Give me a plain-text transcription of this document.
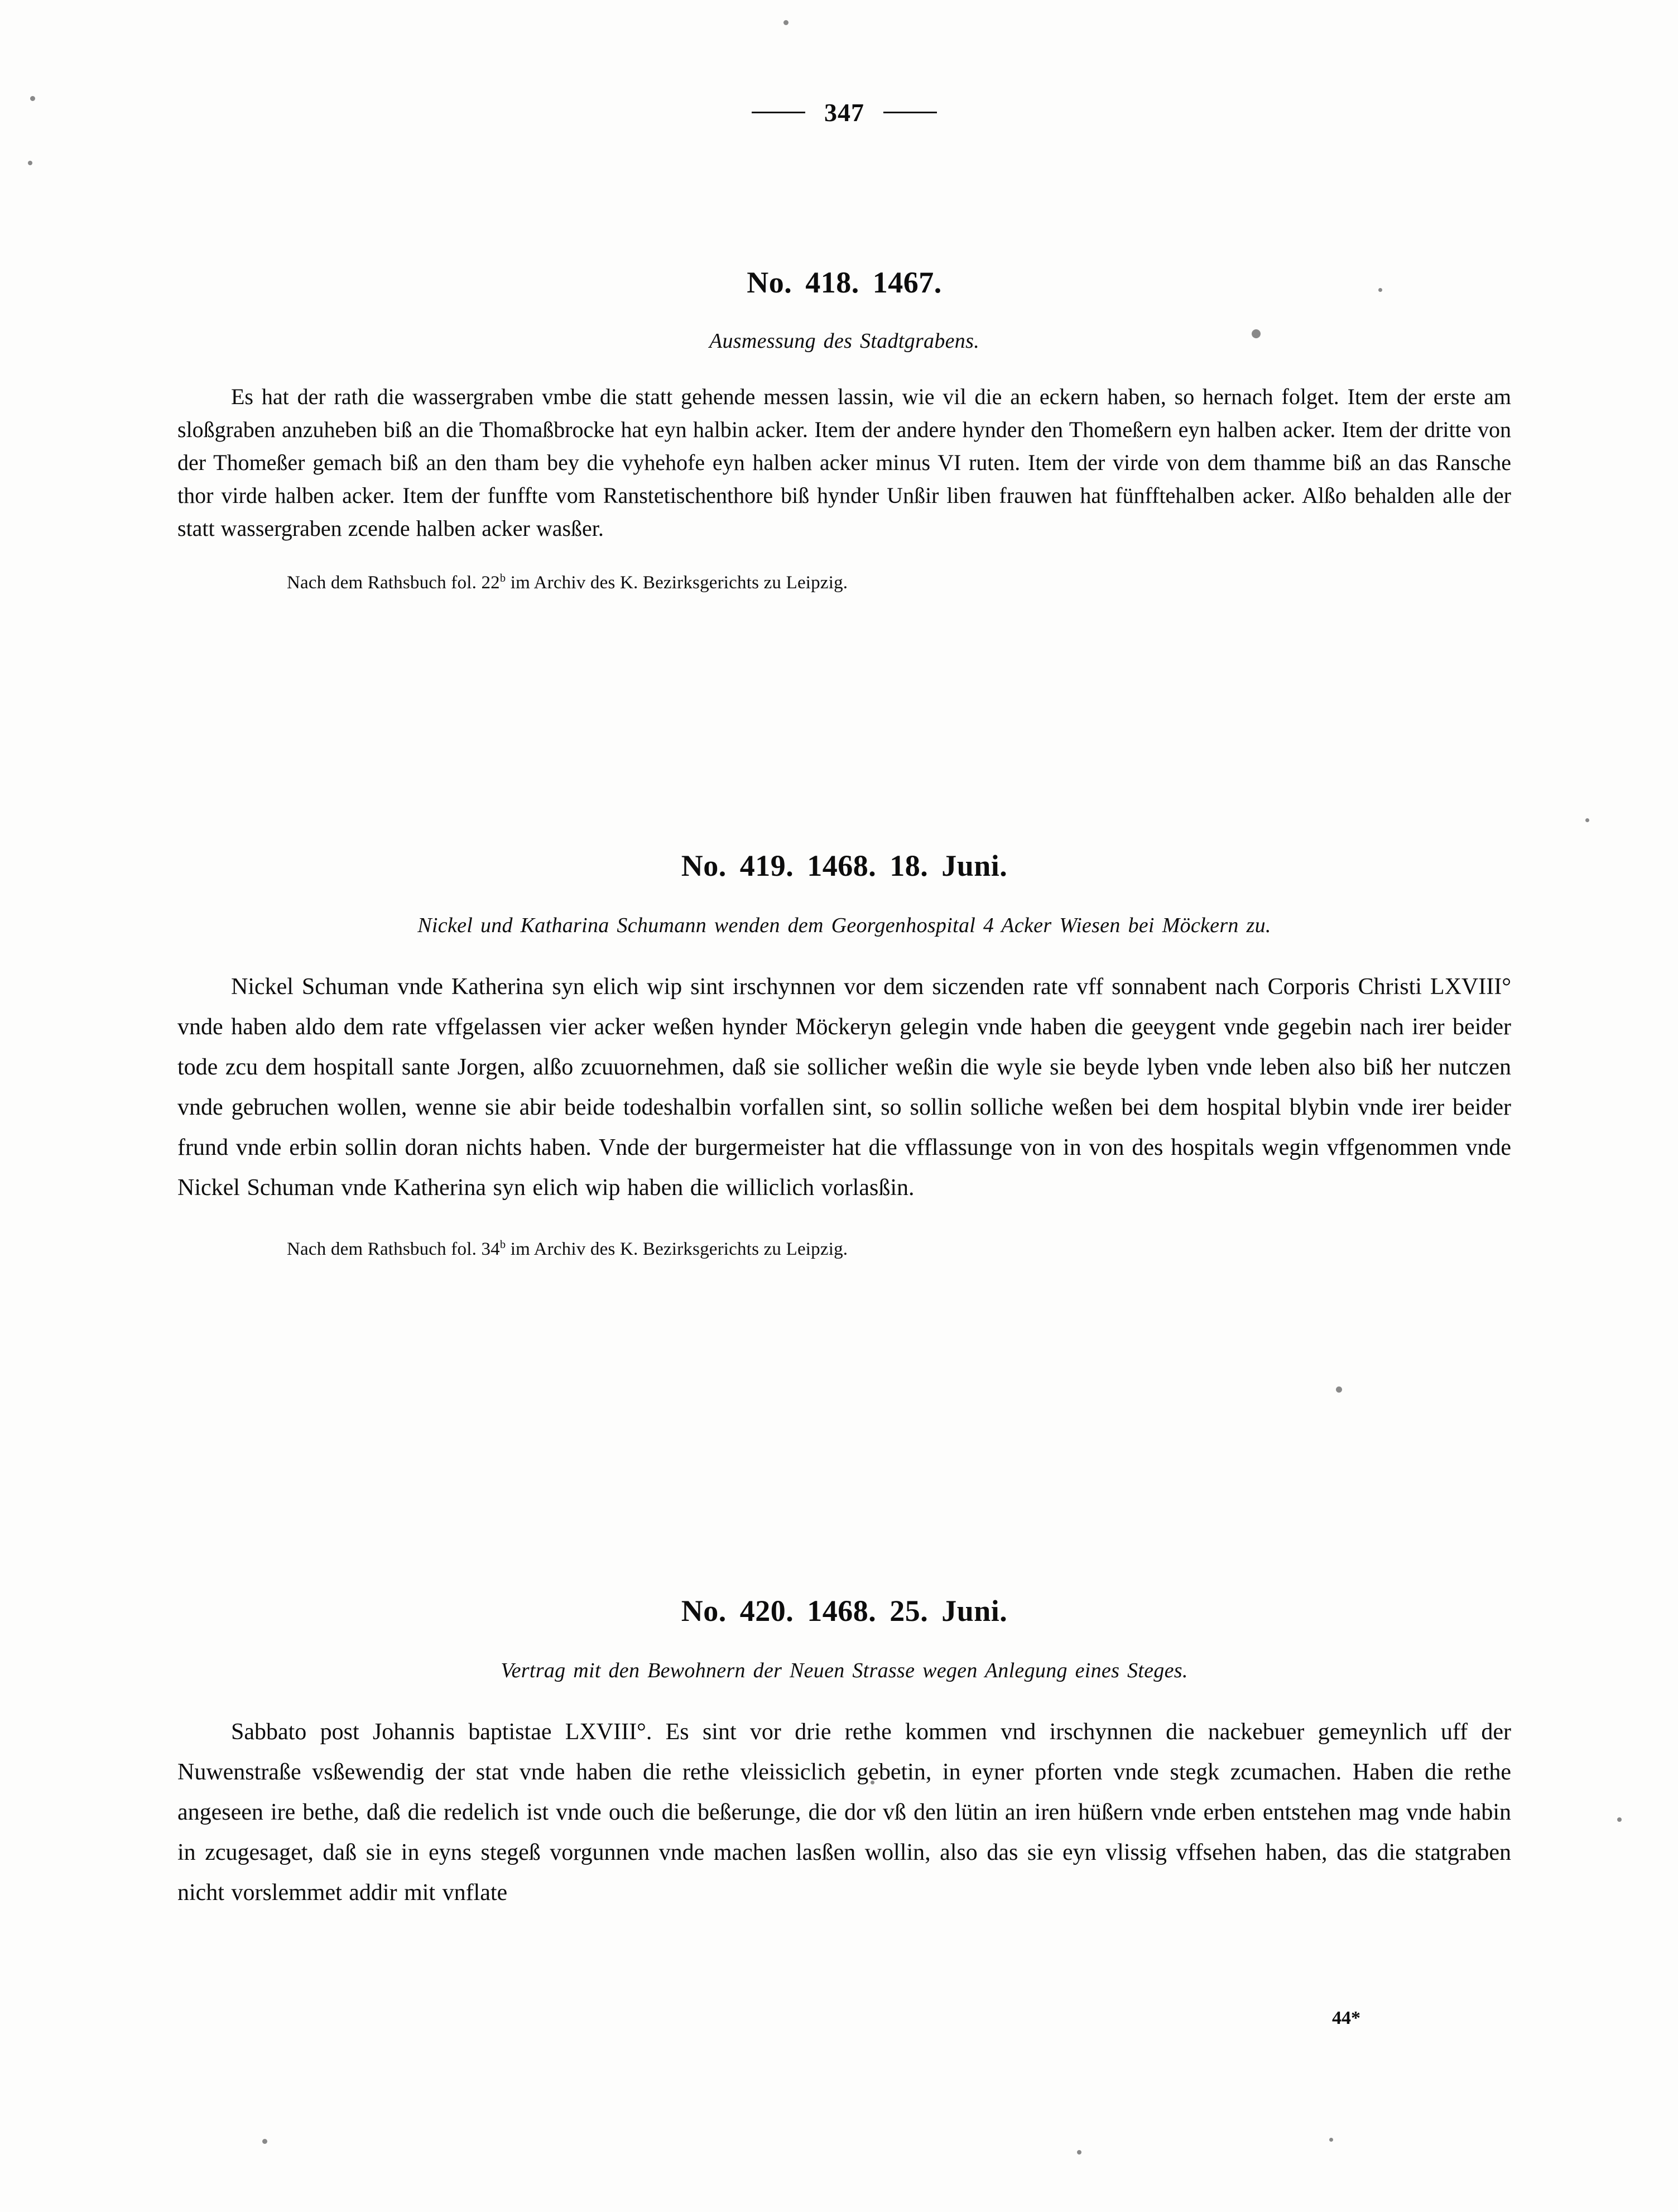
347
No. 418. 1467.
Ausmessung des Stadtgrabens.
Es hat der rath die wassergraben vmbe die statt gehende messen lassin, wie vil die an eckern haben, so hernach folget. Item der erste am sloßgraben anzuheben biß an die Thomaßbrocke hat eyn halbin acker. Item der andere hynder den Thomeßern eyn halben acker. Item der dritte von der Thomeßer gemach biß an den tham bey die vyhehofe eyn halben acker minus VI ruten. Item der virde von dem thamme biß an das Ransche thor virde halben acker. Item der funffte vom Ranstetischenthore biß hynder Unßir liben frauwen hat fünfftehalben acker. Alßo behalden alle der statt wassergraben zcende halben acker wasßer.
Nach dem Rathsbuch fol. 22$^b$ im Archiv des K. Bezirksgerichts zu Leipzig.
No. 419. 1468. 18. Juni.
Nickel und Katharina Schumann wenden dem Georgenhospital 4 Acker Wiesen bei Möckern zu.
Nickel Schuman vnde Katherina syn elich wip sint irschynnen vor dem siczenden rate vff sonnabent nach Corporis Christi LXVIII° vnde haben aldo dem rate vffgelassen vier acker weßen hynder Möckeryn gelegin vnde haben die geeygent vnde gegebin nach irer beider tode zcu dem hospitall sante Jorgen, alßo zcuuornehmen, daß sie sollicher weßin die wyle sie beyde lyben vnde leben also biß her nutczen vnde gebruchen wollen, wenne sie abir beide todeshalbin vorfallen sint, so sollin solliche weßen bei dem hospital blybin vnde irer beider frund vnde erbin sollin doran nichts haben. Vnde der burgermeister hat die vfflassunge von in von des hospitals wegin vffgenommen vnde Nickel Schuman vnde Katherina syn elich wip haben die williclich vorlasßin.
Nach dem Rathsbuch fol. 34$^b$ im Archiv des K. Bezirksgerichts zu Leipzig.
No. 420. 1468. 25. Juni.
Vertrag mit den Bewohnern der Neuen Strasse wegen Anlegung eines Steges.
Sabbato post Johannis baptistae LXVIII°. Es sint vor drie rethe kommen vnd irschynnen die nackebuer gemeynlich uff der Nuwenstraße vsßewendig der stat vnde haben die rethe vleissiclich gebetin, in eyner pforten vnde stegk zcumachen. Haben die rethe angeseen ire bethe, daß die redelich ist vnde ouch die beßerunge, die dor vß den lütin an iren hüßern vnde erben entstehen mag vnde habin in zcugesaget, daß sie in eyns stegeß vorgunnen vnde machen lasßen wollin, also das sie eyn vlissig vffsehen haben, das die statgraben nicht vorslemmet addir mit vnflate
44*
